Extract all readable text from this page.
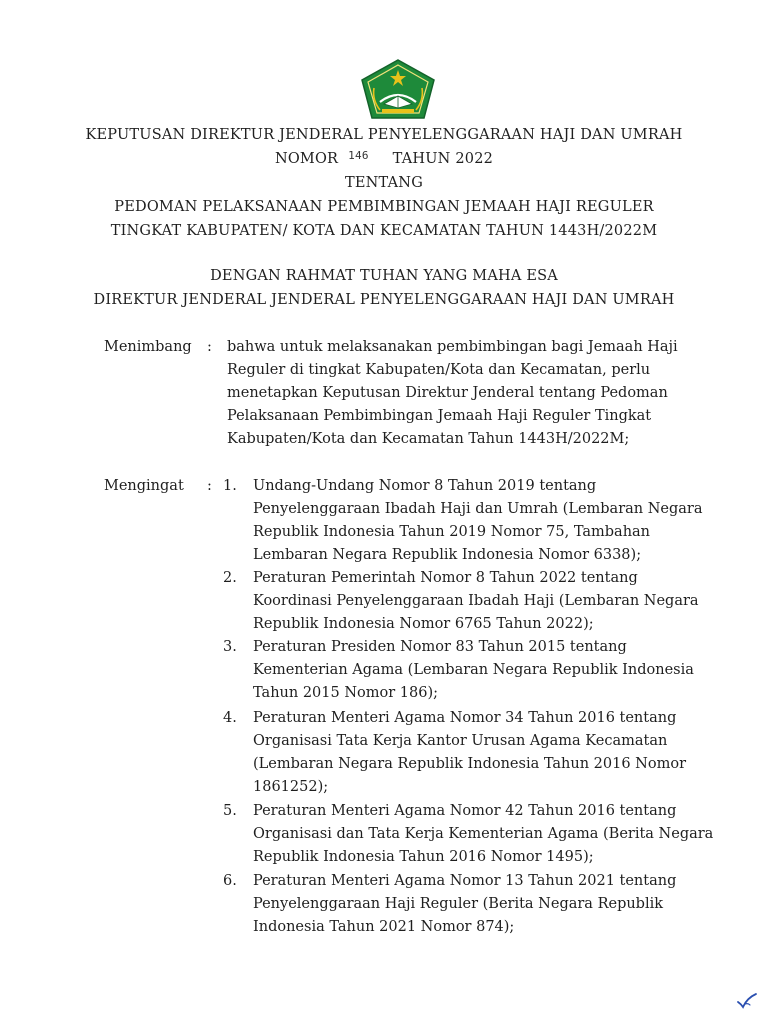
KEPUTUSAN DIREKTUR JENDERAL PENYELENGGARAAN HAJI DAN UMRAH
NOMOR 146 TAHUN 2022
TENTANG
PEDOMAN PELAKSANAAN PEMBIMBINGAN JEMAAH HAJI REGULER
TINGKAT KABUPATEN/ KOTA DAN KECAMATAN TAHUN 1443H/2022M
DENGAN RAHMAT TUHAN YANG MAHA ESA
DIREKTUR JENDERAL JENDERAL PENYELENGGARAAN HAJI DAN UMRAH
Menimbang : bahwa untuk melaksanakan pembimbingan bagi Jemaah Haji
Reguler di tingkat Kabupaten/Kota dan Kecamatan, perlu
menetapkan Keputusan Direktur Jenderal tentang Pedoman
Pelaksanaan Pembimbingan Jemaah Haji Reguler Tingkat
Kabupaten/Kota dan Kecamatan Tahun 1443H/2022M;
Mengingat : 1. Undang-Undang Nomor 8 Tahun 2019 tentang
Penyelenggaraan Ibadah Haji dan Umrah (Lembaran Negara
Republik Indonesia Tahun 2019 Nomor 75, Tambahan
Lembaran Negara Republik Indonesia Nomor 6338);
2. Peraturan Pemerintah Nomor 8 Tahun 2022 tentang
Koordinasi Penyelenggaraan Ibadah Haji (Lembaran Negara
Republik Indonesia Nomor 6765 Tahun 2022);
3. Peraturan Presiden Nomor 83 Tahun 2015 tentang
Kementerian Agama (Lembaran Negara Republik Indonesia
Tahun 2015 Nomor 186);
4. Peraturan Menteri Agama Nomor 34 Tahun 2016 tentang
Organisasi Tata Kerja Kantor Urusan Agama Kecamatan
(Lembaran Negara Republik Indonesia Tahun 2016 Nomor
1861252);
5. Peraturan Menteri Agama Nomor 42 Tahun 2016 tentang
Organisasi dan Tata Kerja Kementerian Agama (Berita Negara
Republik Indonesia Tahun 2016 Nomor 1495);
6. Peraturan Menteri Agama Nomor 13 Tahun 2021 tentang
Penyelenggaraan Haji Reguler (Berita Negara Republik
Indonesia Tahun 2021 Nomor 874);
